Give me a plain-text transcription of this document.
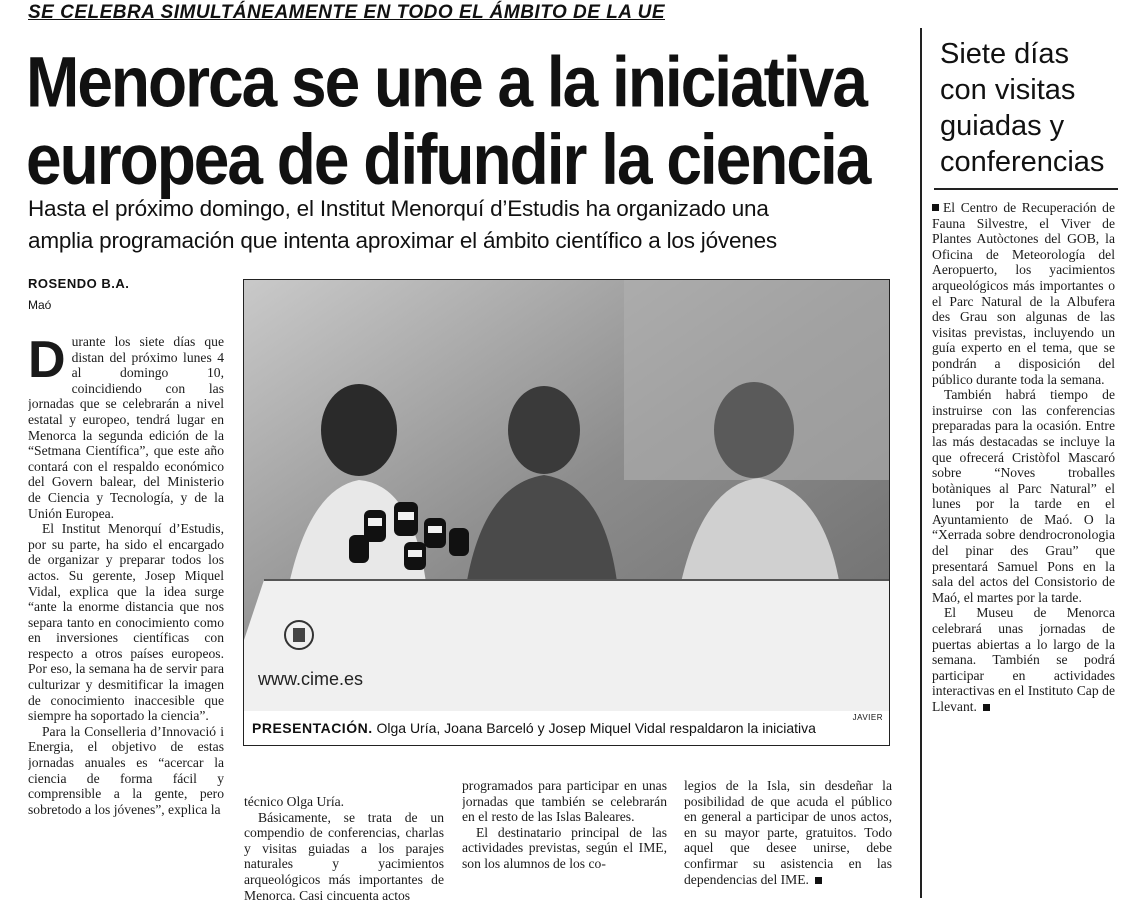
SE CELEBRA SIMULTÁNEAMENTE EN TODO EL ÁMBITO DE LA UE
Menorca se une a la iniciativa
europea de difundir la ciencia
Hasta el próximo domingo, el Institut Menorquí d’Estudis ha organizado una
amplia programación que intenta aproximar el ámbito científico a los jóvenes
ROSENDO B.A.
Maó

Durante los siete días que distan del próximo lunes 4 al domingo 10, coincidiendo con las jornadas que se celebrarán a nivel estatal y europeo, tendrá lugar en Menorca la segunda edición de la “Setmana Científica”, que este año contará con el respaldo económico del Govern balear, del Ministerio de Ciencia y Tecnología, y de la Unión Europea.

El Institut Menorquí d’Estudis, por su parte, ha sido el encargado de organizar y preparar todos los actos. Su gerente, Josep Miquel Vidal, explica que la idea surge “ante la enorme distancia que nos separa tanto en conocimiento como en inversiones científicas con respecto a otros países europeos. Por eso, la semana ha de servir para culturizar y desmitificar la imagen de conocimiento inaccesible que siempre ha soportado la ciencia”.

Para la Conselleria d’Innovació i Energia, el objetivo de estas jornadas anuales es “acercar la ciencia de forma fácil y comprensible a la gente, pero sobretodo a los jóvenes”, explica la

www.cime.es
PRESENTACIÓN. Olga Uría, Joana Barceló y Josep Miquel Vidal respaldaron la iniciativa
JAVIER

técnico Olga Uría.

Básicamente, se trata de un compendio de conferencias, charlas y visitas guiadas a los parajes naturales y yacimientos arqueológicos más importantes de Menorca. Casi cincuenta actos

programados para participar en unas jornadas que también se celebrarán en el resto de las Islas Baleares.

El destinatario principal de las actividades previstas, según el IME, son los alumnos de los co-

legios de la Isla, sin desdeñar la posibilidad de que acuda el público en general a participar de unos actos, en su mayor parte, gratuitos. Todo aquel que desee unirse, debe confirmar su asistencia en las dependencias del IME.

Siete días con visitas guiadas y conferencias

El Centro de Recuperación de Fauna Silvestre, el Viver de Plantes Autòctones del GOB, la Oficina de Meteorología del Aeropuerto, los yacimientos arqueológicos más importantes o el Parc Natural de la Albufera des Grau son algunas de las visitas previstas, incluyendo un guía experto en el tema, que se pondrán a disposición del público durante toda la semana.

También habrá tiempo de instruirse con las conferencias preparadas para la ocasión. Entre las más destacadas se incluye la que ofrecerá Cristòfol Mascaró sobre “Noves troballes botàniques al Parc Natural” el lunes por la tarde en el Ayuntamiento de Maó. O la “Xerrada sobre dendrocronologia del pinar des Grau” que presentará Samuel Pons en la sala del actos del Consistorio de Maó, el martes por la tarde.

El Museu de Menorca celebrará unas jornadas de puertas abiertas a lo largo de la semana. También se podrá participar en actividades interactivas en el Instituto Cap de Llevant.
